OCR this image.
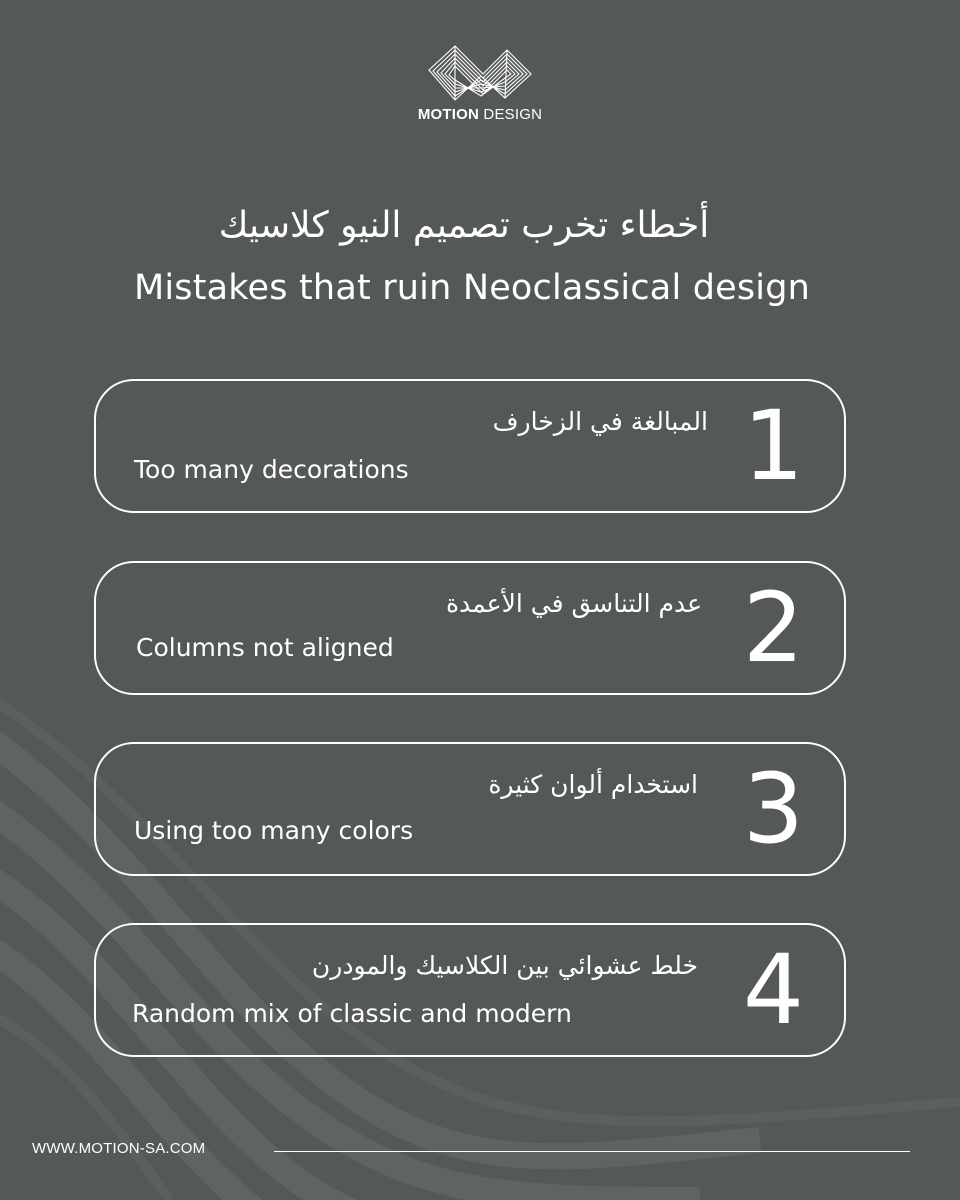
MOTION DESIGN
أخطاء تخرب تصميم النيو كلاسيك
Mistakes that ruin Neoclassical design
1
المبالغة في الزخارف
Too many decorations
2
عدم التناسق في الأعمدة
Columns not aligned
3
استخدام ألوان كثيرة
Using too many colors
4
خلط عشوائي بين الكلاسيك والمودرن
Random mix of classic and modern
WWW.MOTION-SA.COM
